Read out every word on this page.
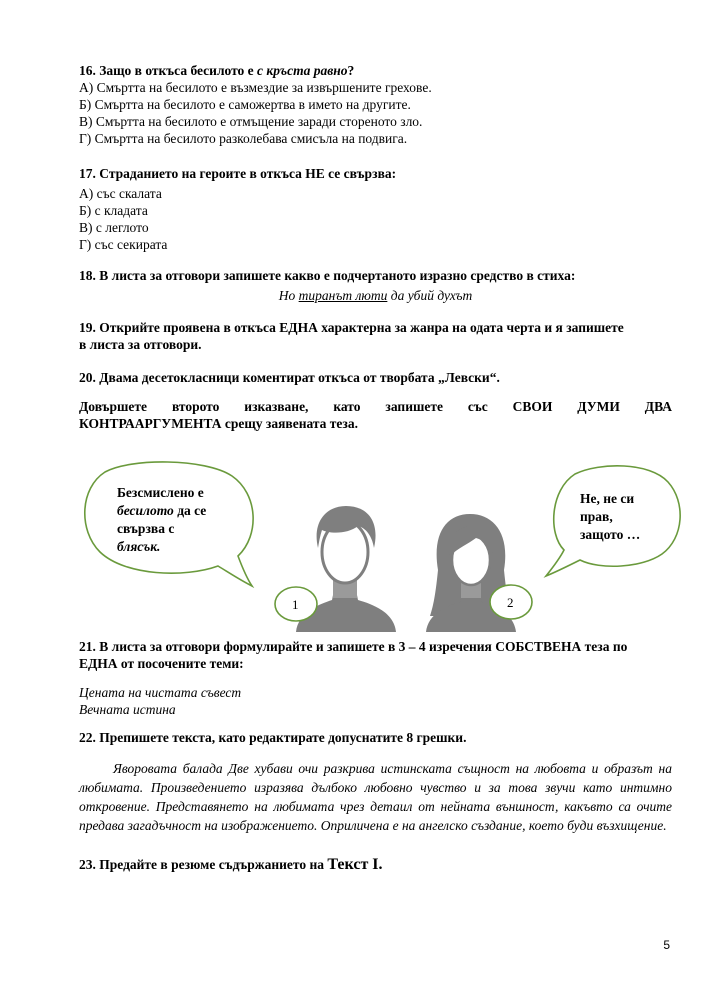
16. Защо в откъса бесилото е с кръста равно?
А) Смъртта на бесилото е възмездие за извършените грехове.
Б) Смъртта на бесилото е саможертва в името на другите.
В) Смъртта на бесилото е отмъщение заради стореното зло.
Г) Смъртта на бесилото разколебава смисъла на подвига.
17. Страданието на героите в откъса НЕ се свързва:
А) със скалата
Б) с кладата
В) с леглото
Г) със секирата
18. В листа за отговори запишете какво е подчертаното изразно средство в стиха:
Но тиранът люти да убий духът
19. Открийте проявена в откъса ЕДНА характерна за жанра на одата черта и я запишете
в листа за отговори.
20. Двама десетокласници коментират откъса от творбата „Левски“.
Довършете второто изказване, като запишете със СВОИ ДУМИ ДВА
КОНТРААРГУМЕНТА срещу заявената теза.
Безсмислено е
бесилото да се
свързва с
блясък.
Не, не си
прав,
защото …
1	2
21. В листа за отговори формулирайте и запишете в 3 – 4 изречения СОБСТВЕНА теза по
ЕДНА от посочените теми:
Цената на чистата съвест
Вечната истина
22. Препишете текста, като редактирате допуснатите 8 грешки.
Яворовата балада Две хубави очи разкрива истинската същност на любовта и образът на любимата. Произведението изразява дълбоко любовно чувство и за това звучи като интимно откровение. Представянето на любимата чрез детаил от нейната външност, какъвто са очите предава загадъчност на изображението. Оприличена е на ангелско създание, което буди възхищение.
23. Предайте в резюме съдържанието на Текст I.
5
